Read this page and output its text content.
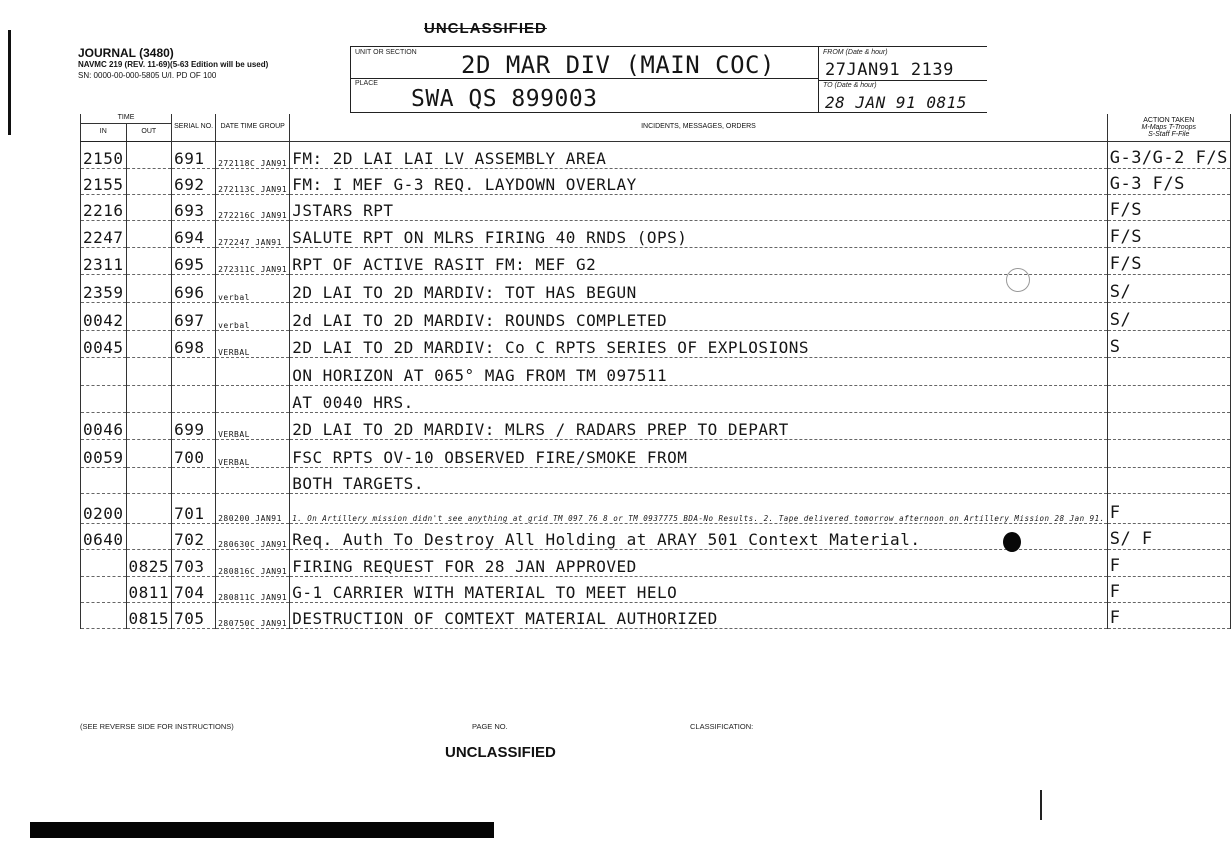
UNCLASSIFIED
JOURNAL (3480)
NAVMC 219 (REV. 11-69)(5-63 Edition will be used)
SN: 0000-00-000-5805 U/I. PD OF 100
UNIT OR SECTION 2D MAR DIV (MAIN COC)
PLACE
SWA QS 899003
FROM (Date & hour)
27JAN91 2139
TO (Date & hour)
28 JAN 91 0815
TIME		SERIAL NO.	DATE TIME GROUP	INCIDENTS, MESSAGES, ORDERS	ACTION TAKEN
M-Maps T-Troops
S-Staff F-File

IN	OUT				
2150		691	272118C JAN91	FM: 2D LAI LAI LV ASSEMBLY AREA	G-3/G-2 F/S
2155		692	272113C JAN91	FM: I MEF G-3 REQ. LAYDOWN OVERLAY	G-3 F/S
2216		693	272216C JAN91	JSTARS RPT	F/S
2247		694	272247 JAN91	SALUTE RPT ON MLRS FIRING 40 RNDS (OPS)	F/S
2311		695	272311C JAN91	RPT OF ACTIVE RASIT FM: MEF G2	F/S
2359		696	verbal	2D LAI TO 2D MARDIV: TOT HAS BEGUN	S/
0042		697	verbal	2d LAI TO 2D MARDIV: ROUNDS COMPLETED	S/
0045		698	VERBAL	2D LAI TO 2D MARDIV: Co C RPTS SERIES OF EXPLOSIONS	S
				ON HORIZON AT 065° MAG FROM TM 097511	
				AT 0040 HRS.	
0046		699	VERBAL	2D LAI TO 2D MARDIV: MLRS / RADARS PREP TO DEPART	
0059		700	VERBAL	FSC RPTS OV-10 OBSERVED FIRE/SMOKE FROM	
				BOTH TARGETS.	
0200		701	280200 JAN91	1. On Artillery mission didn't see anything at grid TM 097 76 8 or TM 0937775 BDA-No Results. 2. Tape delivered tomorrow afternoon on Artillery Mission 28 Jan 91.	F
0640		702	280630C JAN91	Req. Auth To Destroy All Holding at ARAY 501 Context Material.	S/ F
	0825	703	280816C JAN91	FIRING REQUEST FOR 28 JAN APPROVED	F
	0811	704	280811C JAN91	G-1 CARRIER WITH MATERIAL TO MEET HELO	F
	0815	705	280750C JAN91	DESTRUCTION OF COMTEXT MATERIAL AUTHORIZED	F
(SEE REVERSE SIDE FOR INSTRUCTIONS)	PAGE NO.	CLASSIFICATION:
UNCLASSIFIED
